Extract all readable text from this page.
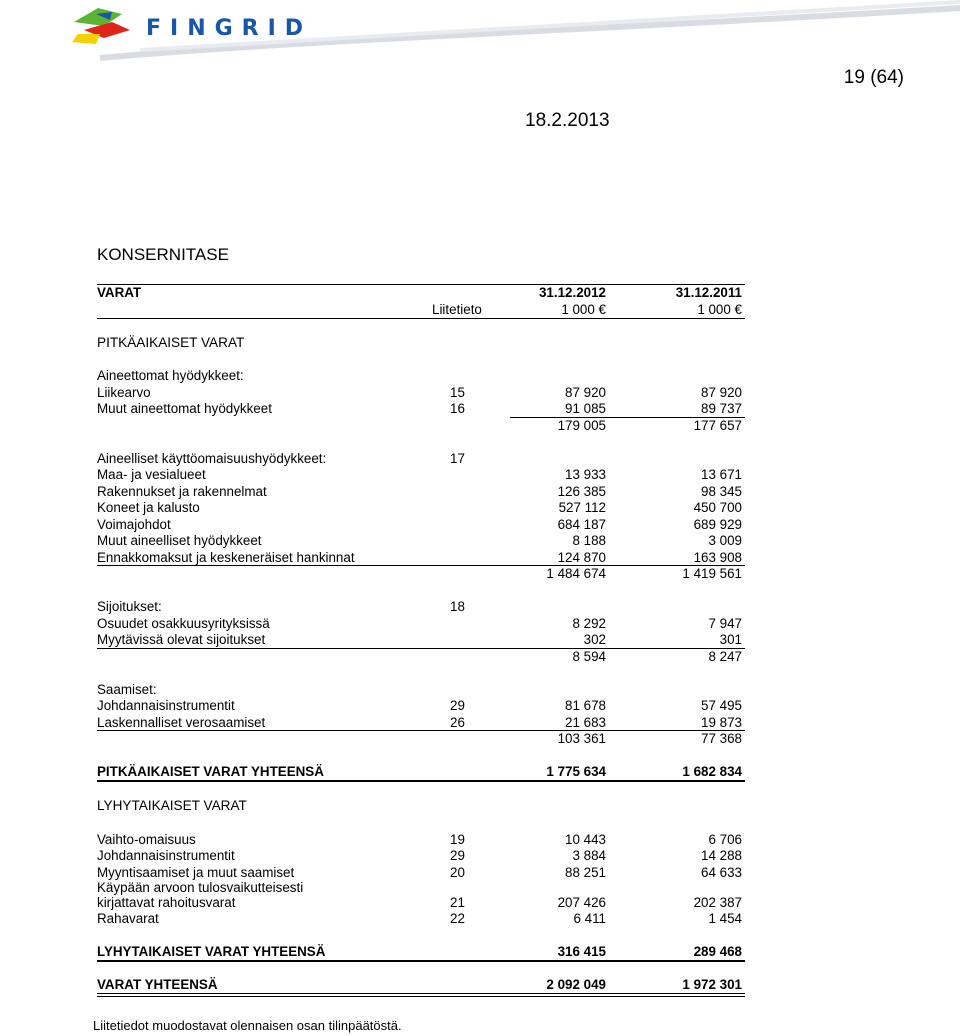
FINGRID
19 (64)
18.2.2013
KONSERNITASE
VARAT	31.12.2012	31.12.2011
Liitetieto	1 000 €	1 000 €
PITKÄAIKAISET VARAT
Aineettomat hyödykkeet:
Liikearvo	15	87 920	87 920
Muut aineettomat hyödykkeet	16	91 085	89 737
179 005	177 657
Aineelliset käyttöomaisuushyödykkeet:	17
Maa- ja vesialueet	13 933	13 671
Rakennukset ja rakennelmat	126 385	98 345
Koneet ja kalusto	527 112	450 700
Voimajohdot	684 187	689 929
Muut aineelliset hyödykkeet	8 188	3 009
Ennakkomaksut ja keskeneräiset hankinnat	124 870	163 908
1 484 674	1 419 561
Sijoitukset:	18
Osuudet osakkuusyrityksissä	8 292	7 947
Myytävissä olevat sijoitukset	302	301
8 594	8 247
Saamiset:
Johdannaisinstrumentit	29	81 678	57 495
Laskennalliset verosaamiset	26	21 683	19 873
103 361	77 368
PITKÄAIKAISET VARAT YHTEENSÄ	1 775 634	1 682 834
LYHYTAIKAISET VARAT
Vaihto-omaisuus	19	10 443	6 706
Johdannaisinstrumentit	29	3 884	14 288
Myyntisaamiset ja muut saamiset	20	88 251	64 633
Käypään arvoon tulosvaikutteisesti
kirjattavat rahoitusvarat	21	207 426	202 387
Rahavarat	22	6 411	1 454
LYHYTAIKAISET VARAT YHTEENSÄ	316 415	289 468
VARAT YHTEENSÄ	2 092 049	1 972 301
Liitetiedot muodostavat olennaisen osan tilinpäätöstä.
